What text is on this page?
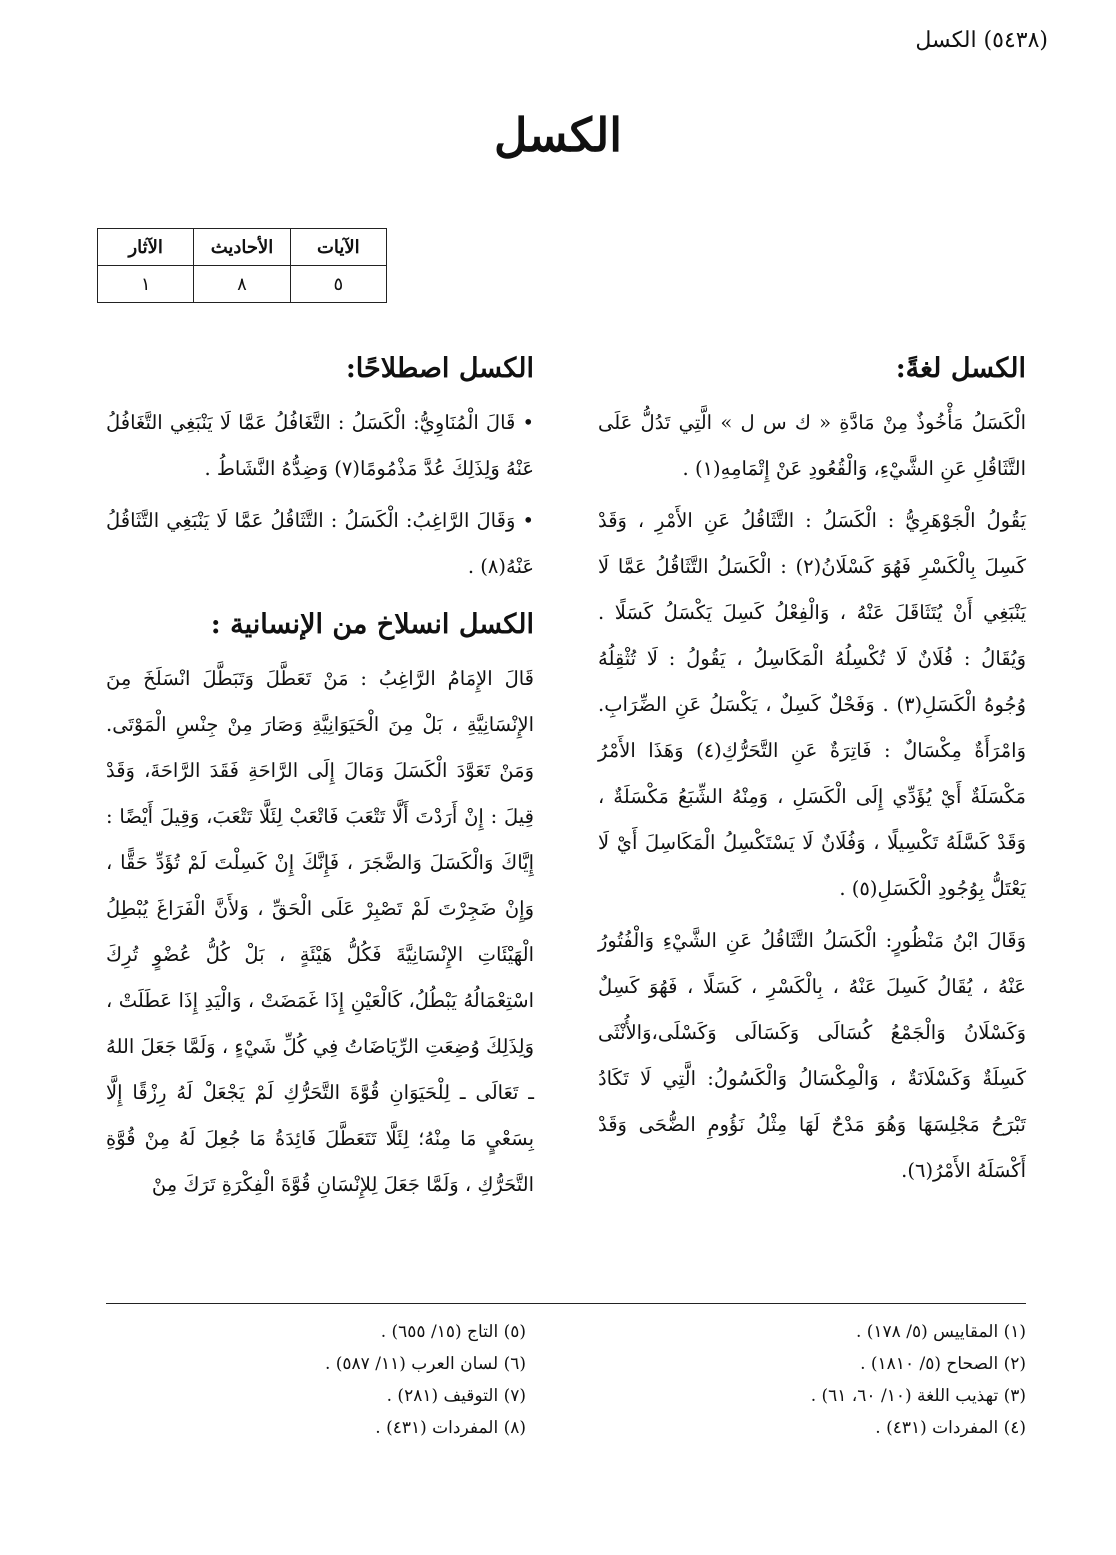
(٥٤٣٨) الكسل
الكسل
الآيات	الأحاديث	الآثار
٥	٨	١
الكسل لغةً:

الْكَسَلُ مَأْخُوذٌ مِنْ مَادَّةِ « ك س ل » الَّتِي تَدُلُّ عَلَى التَّثَاقُلِ عَنِ الشَّيْءِ، وَالْقُعُودِ عَنْ إِتْمَامِهِ(١) .

يَقُولُ الْجَوْهَرِيُّ : الْكَسَلُ : التَّثَاقُلُ عَنِ الأَمْرِ ، وَقَدْ كَسِلَ بِالْكَسْرِ فَهُوَ كَسْلَانُ(٢) : الْكَسَلُ التَّثَاقُلُ عَمَّا لَا يَنْبَغِي أَنْ يُتَثَاقَلَ عَنْهُ ، وَالْفِعْلُ كَسِلَ يَكْسَلُ كَسَلًا . وَيُقَالُ : فُلَانٌ لَا تُكْسِلُهُ الْمَكَاسِلُ ، يَقُولُ : لَا تُثْقِلُهُ وُجُوهُ الْكَسَلِ(٣) . وَفَحْلٌ كَسِلٌ ، يَكْسَلُ عَنِ الضِّرَابِ. وَامْرَأَةٌ مِكْسَالٌ : فَاتِرَةٌ عَنِ التَّحَرُّكِ(٤) وَهَذَا الأَمْرُ مَكْسَلَةٌ أَيْ يُؤَدِّي إِلَى الْكَسَلِ ، وَمِنْهُ الشِّبَعُ مَكْسَلَةٌ ، وَقَدْ كَسَّلَهُ تَكْسِيلًا ، وَفُلَانٌ لَا يَسْتَكْسِلُ الْمَكَاسِلَ أَيْ لَا يَعْتَلُّ بِوُجُودِ الْكَسَلِ(٥) .

وَقَالَ ابْنُ مَنْظُورٍ: الْكَسَلُ التَّثَاقُلُ عَنِ الشَّيْءِ وَالْفُتُورُ عَنْهُ ، يُقَالُ كَسِلَ عَنْهُ ، بِالْكَسْرِ ، كَسَلًا ، فَهُوَ كَسِلٌ وَكَسْلَانُ وَالْجَمْعُ كُسَالَى وَكَسَالَى وَكَسْلَى،وَالأُنْثَى كَسِلَةٌ وَكَسْلَانَةٌ ، وَالْمِكْسَالُ وَالْكَسُولُ: الَّتِي لَا تَكَادُ تَبْرَحُ مَجْلِسَهَا وَهُوَ مَدْحٌ لَهَا مِثْلُ نَؤُومِ الضُّحَى وَقَدْ أَكْسَلَهُ الأَمْرُ(٦).

الكسل اصطلاحًا:

• قَالَ الْمُنَاوِيُّ: الْكَسَلُ : التَّغَافُلُ عَمَّا لَا يَنْبَغِي التَّغَافُلُ عَنْهُ وَلِذَلِكَ عُدَّ مَذْمُومًا(٧) وَضِدُّهُ النَّشَاطُ .

• وَقَالَ الرَّاغِبُ: الْكَسَلُ : التَّثَاقُلُ عَمَّا لَا يَنْبَغِي التَّثَاقُلُ عَنْهُ(٨) .

الكسل انسلاخ من الإنسانية :

قَالَ الإِمَامُ الرَّاغِبُ : مَنْ تَعَطَّلَ وَتَبَطَّلَ انْسَلَخَ مِنَ الإِنْسَانِيَّةِ ، بَلْ مِنَ الْحَيَوَانِيَّةِ وَصَارَ مِنْ جِنْسِ الْمَوْتَى. وَمَنْ تَعَوَّدَ الْكَسَلَ وَمَالَ إِلَى الرَّاحَةِ فَقَدَ الرَّاحَةَ، وَقَدْ قِيلَ : إِنْ أَرَدْتَ أَلَّا تَتْعَبَ فَاتْعَبْ لِئَلَّا تَتْعَبَ، وَقِيلَ أَيْضًا : إِيَّاكَ وَالْكَسَلَ وَالضَّجَرَ ، فَإِنَّكَ إِنْ كَسِلْتَ لَمْ تُؤَدِّ حَقًّا ، وَإِنْ ضَجِرْتَ لَمْ تَصْبِرْ عَلَى الْحَقِّ ، وَلأَنَّ الْفَرَاغَ يُبْطِلُ الْهَيْئَاتِ الإِنْسَانِيَّةَ فَكُلُّ هَيْئَةٍ ، بَلْ كُلُّ عُضْوٍ تُرِكَ اسْتِعْمَالُهُ يَبْطُلُ، كَالْعَيْنِ إِذَا غَمَضَتْ ، وَالْيَدِ إِذَا عَطَلَتْ ، وَلِذَلِكَ وُضِعَتِ الرِّيَاضَاتُ فِي كُلِّ شَيْءٍ ، وَلَمَّا جَعَلَ اللهُ ـ تَعَالَى ـ لِلْحَيَوَانِ قُوَّةَ التَّحَرُّكِ لَمْ يَجْعَلْ لَهُ رِزْقًا إِلَّا بِسَعْيٍ مَا مِنْهُ؛ لِئَلَّا تَتَعَطَّلَ فَائِدَةُ مَا جُعِلَ لَهُ مِنْ قُوَّةِ التَّحَرُّكِ ، وَلَمَّا جَعَلَ لِلإِنْسَانِ قُوَّةَ الْفِكْرَةِ تَرَكَ مِنْ

(١) المقاييس (٥/ ١٧٨) .
(٢) الصحاح (٥/ ١٨١٠) .
(٣) تهذيب اللغة (١٠/ ٦٠، ٦١) .
(٤) المفردات (٤٣١) .
(٥) التاج (١٥/ ٦٥٥) .
(٦) لسان العرب (١١/ ٥٨٧) .
(٧) التوقيف (٢٨١) .
(٨) المفردات (٤٣١) .
